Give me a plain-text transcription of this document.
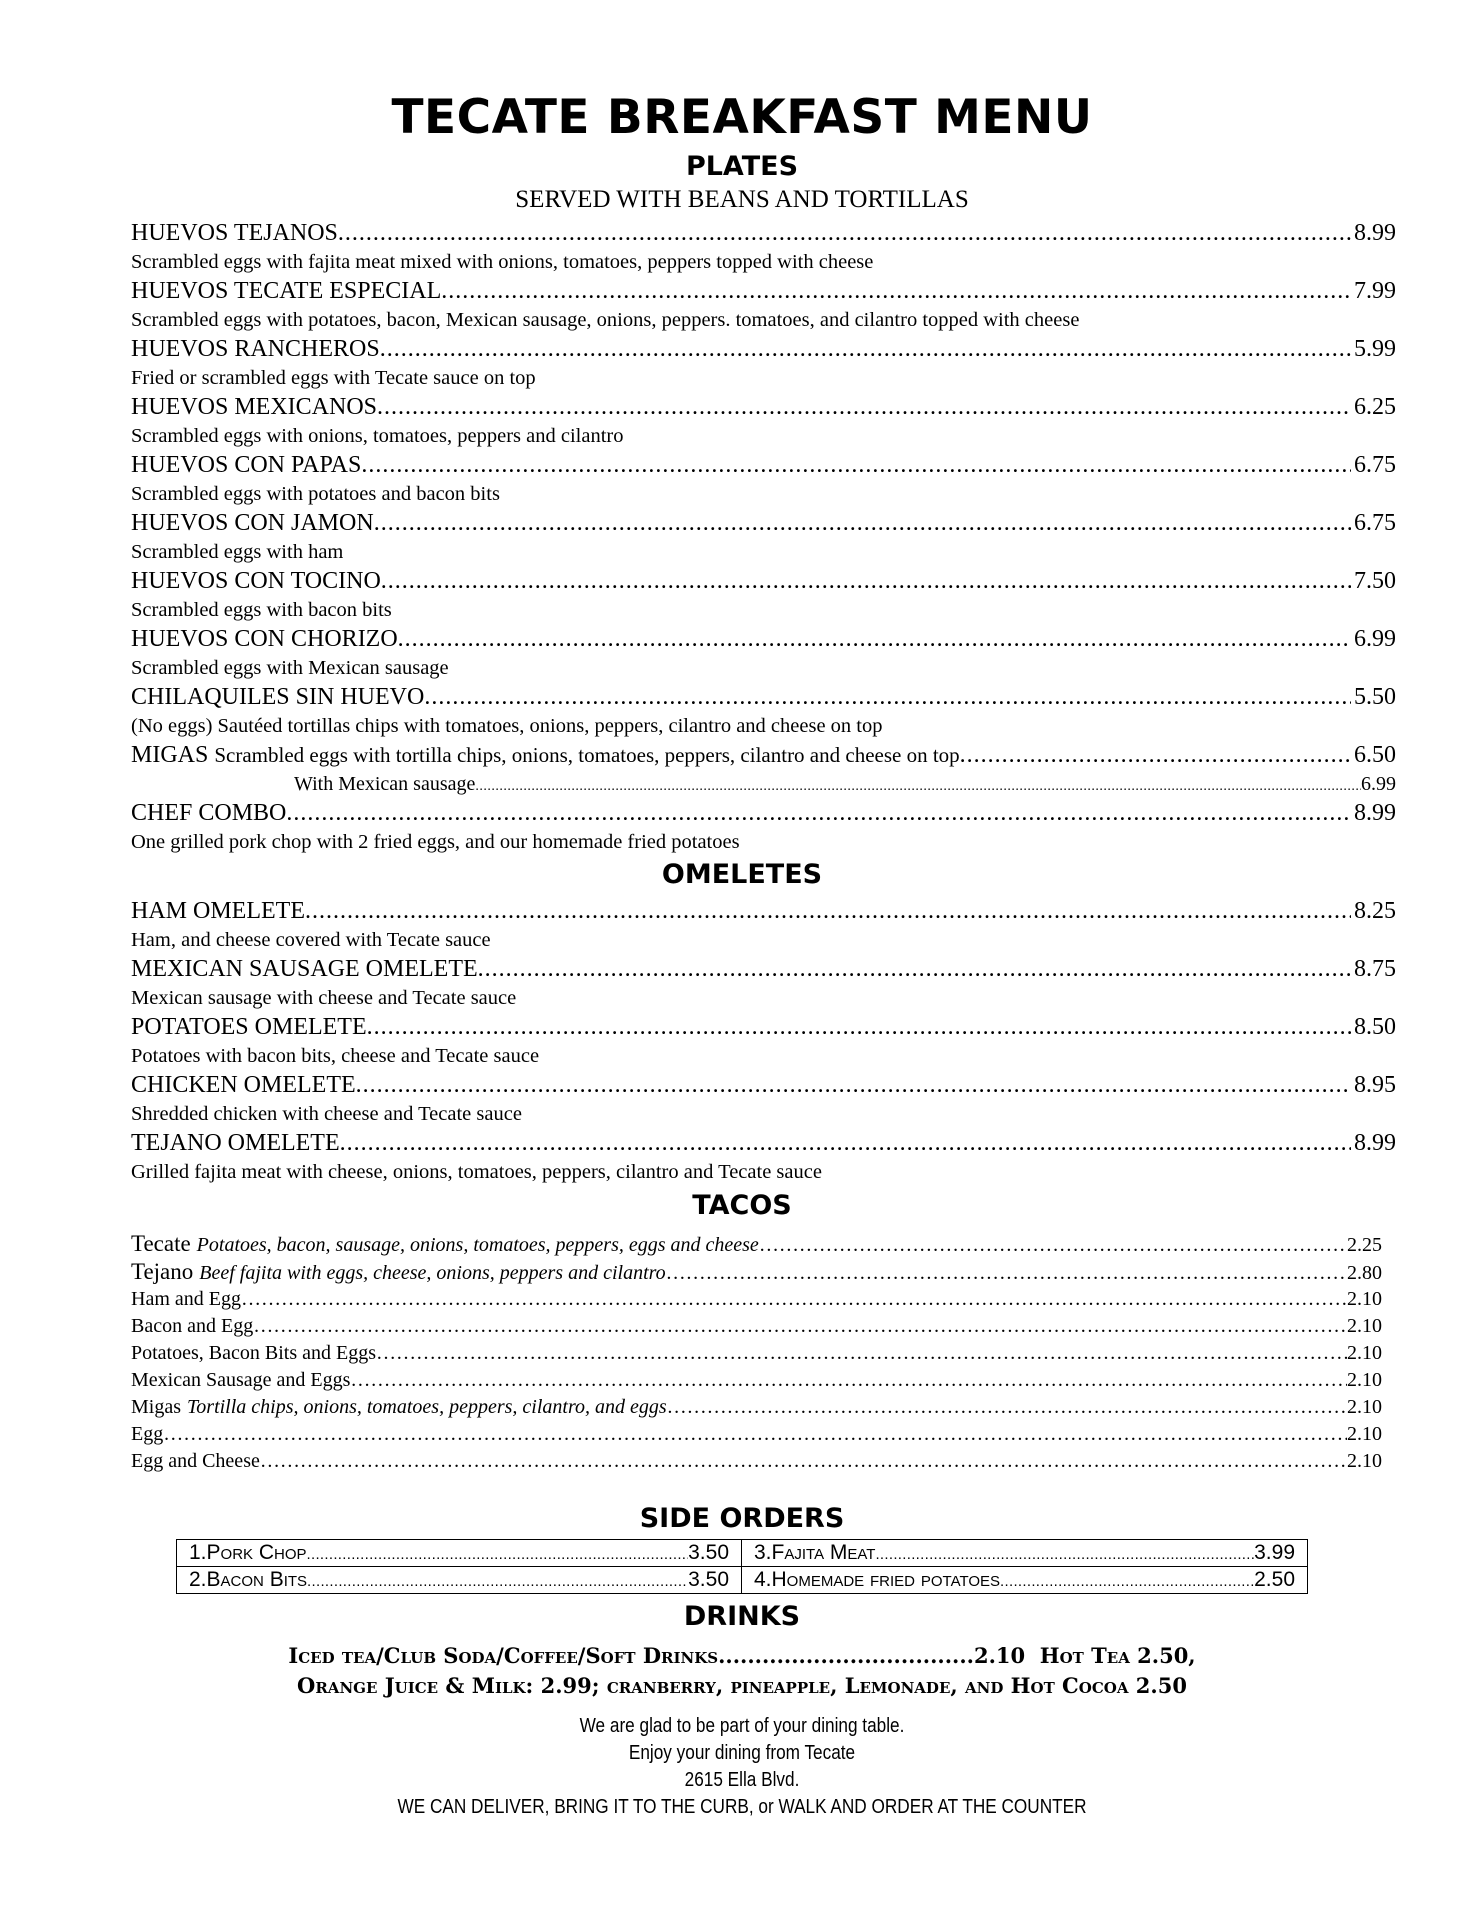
TECATE BREAKFAST MENU
PLATES
SERVED WITH BEANS AND TORTILLAS
HUEVOS TEJANOS .....	8.99
Scrambled eggs with fajita meat mixed with onions, tomatoes, peppers topped with cheese
HUEVOS TECATE ESPECIAL .....	7.99
Scrambled eggs with potatoes, bacon, Mexican sausage, onions, peppers. tomatoes, and cilantro topped with cheese
HUEVOS RANCHEROS .....	5.99
Fried or scrambled eggs with Tecate sauce on top
HUEVOS MEXICANOS .....	6.25
Scrambled eggs with onions, tomatoes, peppers and cilantro
HUEVOS CON PAPAS .....	6.75
Scrambled eggs with potatoes and bacon bits
HUEVOS CON JAMON .....	6.75
Scrambled eggs with ham
HUEVOS CON TOCINO .....	7.50
Scrambled eggs with bacon bits
HUEVOS CON CHORIZO .....	6.99
Scrambled eggs with Mexican sausage
CHILAQUILES SIN HUEVO .....	5.50
(No eggs) Sautéed tortillas chips with tomatoes, onions, peppers, cilantro and cheese on top
MIGAS
Scrambled eggs with tortilla chips, onions, tomatoes, peppers, cilantro and cheese on top .....	6.50
With Mexican sausage .....	6.99
CHEF COMBO .....	8.99
One grilled pork chop with 2 fried eggs, and our homemade fried potatoes
OMELETES
HAM OMELETE .....	8.25
Ham, and cheese covered with Tecate sauce
MEXICAN SAUSAGE OMELETE .....	8.75
Mexican sausage with cheese and Tecate sauce
POTATOES OMELETE .....	8.50
Potatoes with bacon bits, cheese and Tecate sauce
CHICKEN OMELETE .....	8.95
Shredded chicken with cheese and Tecate sauce
TEJANO OMELETE .....	8.99
Grilled fajita meat with cheese, onions, tomatoes, peppers, cilantro and Tecate sauce
TACOS
Tecate Potatoes, bacon, sausage, onions, tomatoes, peppers, eggs and cheese …………………………………………………………………………………………………………………………………………………………………………………………………………………………………………………………………………………………………………………	2.25
Tejano Beef fajita with eggs, cheese, onions, peppers and cilantro …………………………………………………………………………………………………………………………………………………………………………………………………………………………………………………………………………………………………………………	2.80
Ham and Egg …………………………………………………………………………………………………………………………………………………………………………………………………………………………………………………………………………………………………………………	2.10
Bacon and Egg …………………………………………………………………………………………………………………………………………………………………………………………………………………………………………………………………………………………………………………	2.10
Potatoes, Bacon Bits and Eggs …………………………………………………………………………………………………………………………………………………………………………………………………………………………………………………………………………………………………………………	2.10
Mexican Sausage and Eggs …………………………………………………………………………………………………………………………………………………………………………………………………………………………………………………………………………………………………………………	2.10
Migas Tortilla chips, onions, tomatoes, peppers, cilantro, and eggs …………………………………………………………………………………………………………………………………………………………………………………………………………………………………………………………………………………………………………………	2.10
Egg …………………………………………………………………………………………………………………………………………………………………………………………………………………………………………………………………………………………………………………	2.10
Egg and Cheese …………………………………………………………………………………………………………………………………………………………………………………………………………………………………………………………………………………………………………………	2.10
SIDE ORDERS
1.Pork Chop .....	3.50 3.Fajita Meat .....	3.99
2.Bacon Bits .....	3.50 4.Homemade fried potatoes .....	2.50
DRINKS
Iced tea/Club Soda/Coffee/Soft Drinks...................................2.10 Hot Tea 2.50,
Orange Juice & Milk: 2.99; cranberry, pineapple, Lemonade, and Hot Cocoa 2.50
We are glad to be part of your dining table.
Enjoy your dining from Tecate
2615 Ella Blvd.
WE CAN DELIVER, BRING IT TO THE CURB, or WALK AND ORDER AT THE COUNTER
